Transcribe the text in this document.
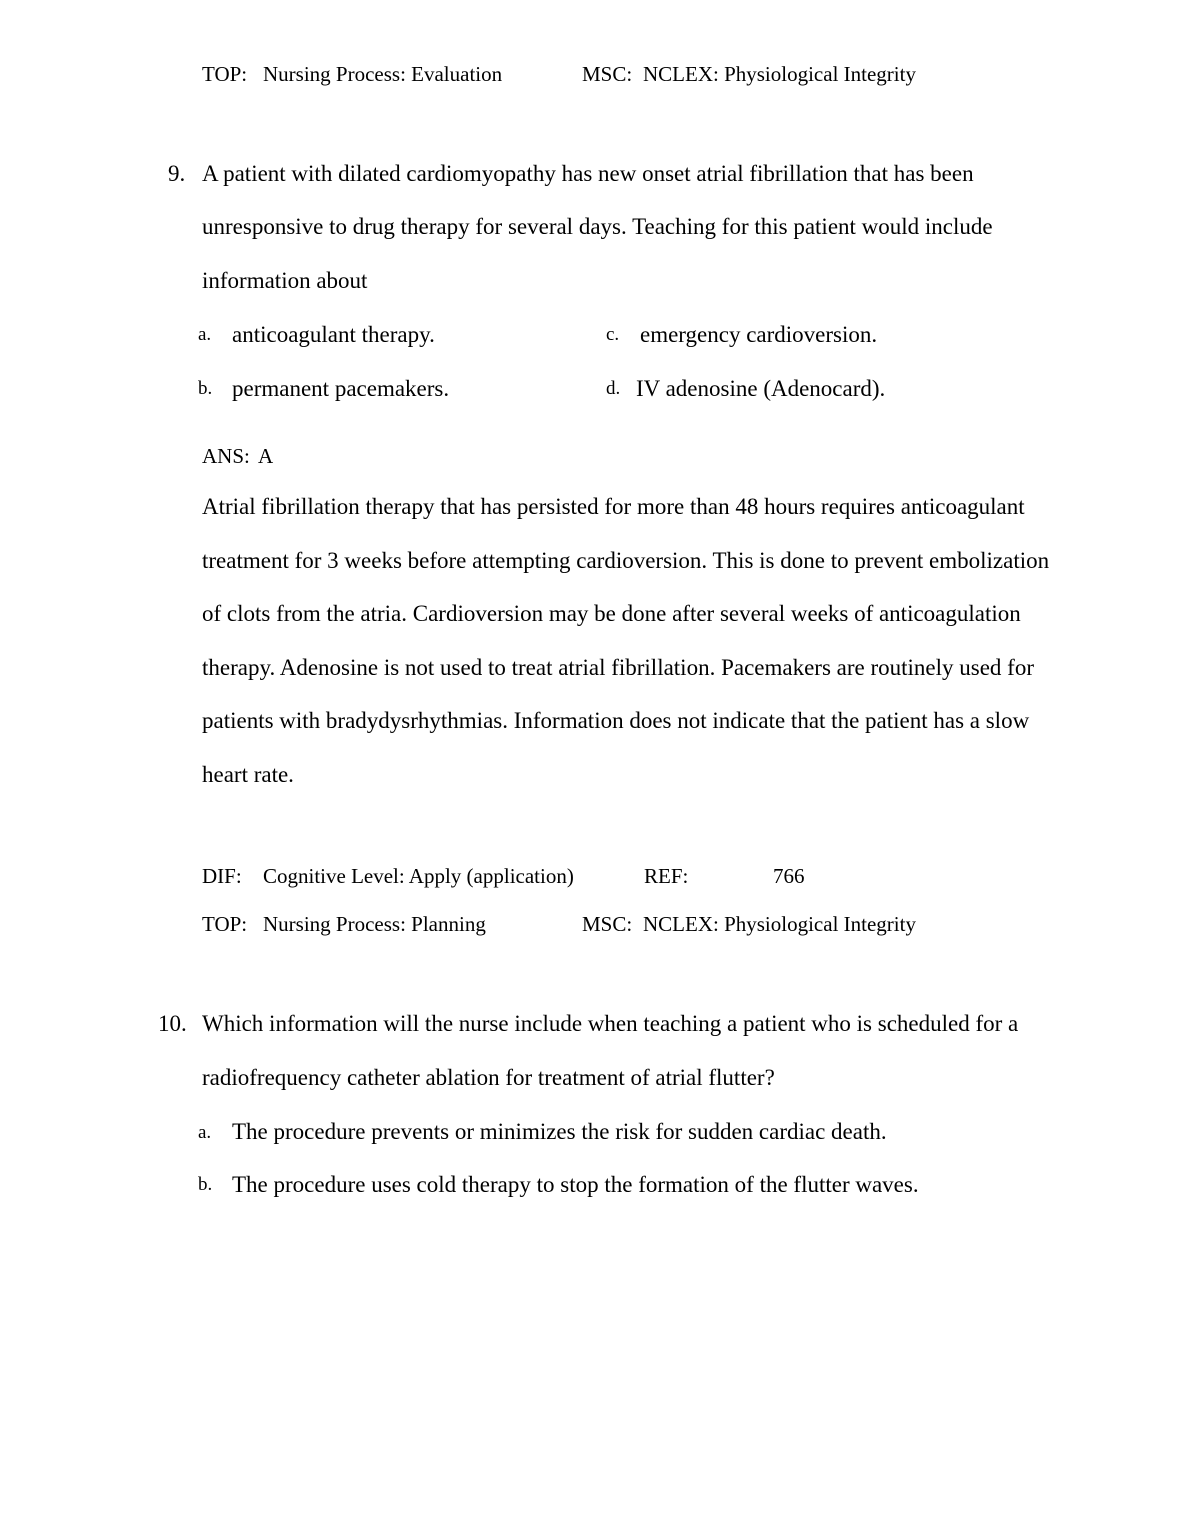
TOP: Nursing Process: Evaluation	MSC: NCLEX: Physiological Integrity
9. A patient with dilated cardiomyopathy has new onset atrial fibrillation that has been
unresponsive to drug therapy for several days. Teaching for this patient would include
information about
a. anticoagulant therapy.	c. emergency cardioversion.
b. permanent pacemakers.	d. IV adenosine (Adenocard).
ANS: A
Atrial fibrillation therapy that has persisted for more than 48 hours requires anticoagulant
treatment for 3 weeks before attempting cardioversion. This is done to prevent embolization
of clots from the atria. Cardioversion may be done after several weeks of anticoagulation
therapy. Adenosine is not used to treat atrial fibrillation. Pacemakers are routinely used for
patients with bradydysrhythmias. Information does not indicate that the patient has a slow
heart rate.
DIF: Cognitive Level: Apply (application)	REF:	766
TOP: Nursing Process: Planning	MSC: NCLEX: Physiological Integrity
10. Which information will the nurse include when teaching a patient who is scheduled for a
radiofrequency catheter ablation for treatment of atrial flutter?
a. The procedure prevents or minimizes the risk for sudden cardiac death.
b. The procedure uses cold therapy to stop the formation of the flutter waves.
